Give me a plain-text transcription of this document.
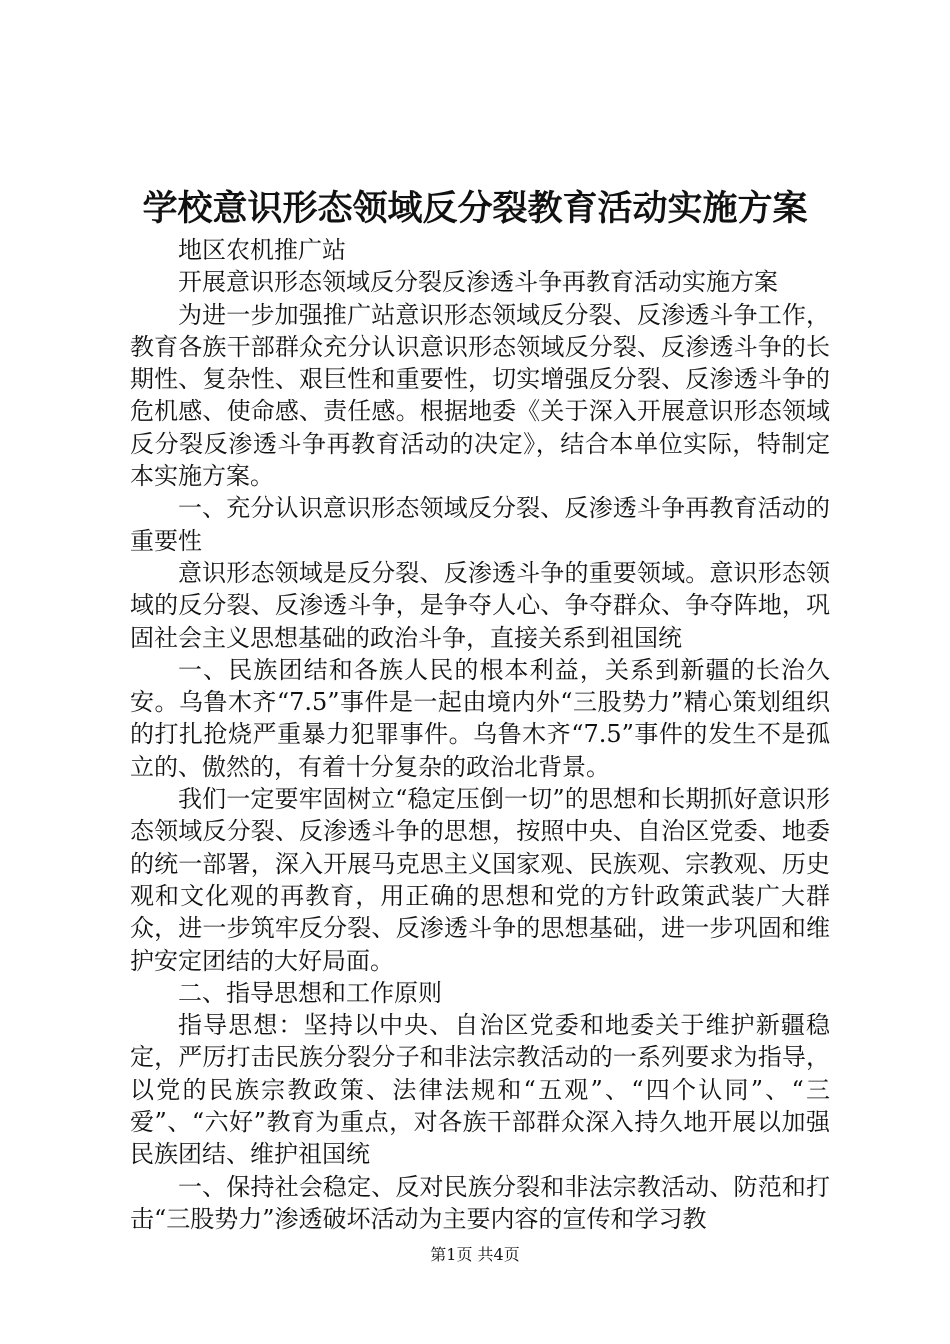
学校意识形态领域反分裂教育活动实施方案

地区农机推广站

开展意识形态领域反分裂反渗透斗争再教育活动实施方案

为进一步加强推广站意识形态领域反分裂、反渗透斗争工作，教育各族干部群众充分认识意识形态领域反分裂、反渗透斗争的长期性、复杂性、艰巨性和重要性，切实增强反分裂、反渗透斗争的危机感、使命感、责任感。根据地委《关于深入开展意识形态领域反分裂反渗透斗争再教育活动的决定》，结合本单位实际，特制定本实施方案。

一、充分认识意识形态领域反分裂、反渗透斗争再教育活动的重要性

意识形态领域是反分裂、反渗透斗争的重要领域。意识形态领域的反分裂、反渗透斗争，是争夺人心、争夺群众、争夺阵地，巩固社会主义思想基础的政治斗争，直接关系到祖国统

一、民族团结和各族人民的根本利益，关系到新疆的长治久安。乌鲁木齐“7.5”事件是一起由境内外“三股势力”精心策划组织的打扎抢烧严重暴力犯罪事件。乌鲁木齐“7.5”事件的发生不是孤立的、傲然的，有着十分复杂的政治北背景。

我们一定要牢固树立“稳定压倒一切”的思想和长期抓好意识形态领域反分裂、反渗透斗争的思想，按照中央、自治区党委、地委的统一部署，深入开展马克思主义国家观、民族观、宗教观、历史观和文化观的再教育，用正确的思想和党的方针政策武装广大群众，进一步筑牢反分裂、反渗透斗争的思想基础，进一步巩固和维护安定团结的大好局面。

二、指导思想和工作原则

指导思想：坚持以中央、自治区党委和地委关于维护新疆稳定，严厉打击民族分裂分子和非法宗教活动的一系列要求为指导，以党的民族宗教政策、法律法规和“五观”、“四个认同”、“三爱”、“六好”教育为重点，对各族干部群众深入持久地开展以加强民族团结、维护祖国统

一、保持社会稳定、反对民族分裂和非法宗教活动、防范和打击“三股势力”渗透破坏活动为主要内容的宣传和学习教

第1页 共4页
